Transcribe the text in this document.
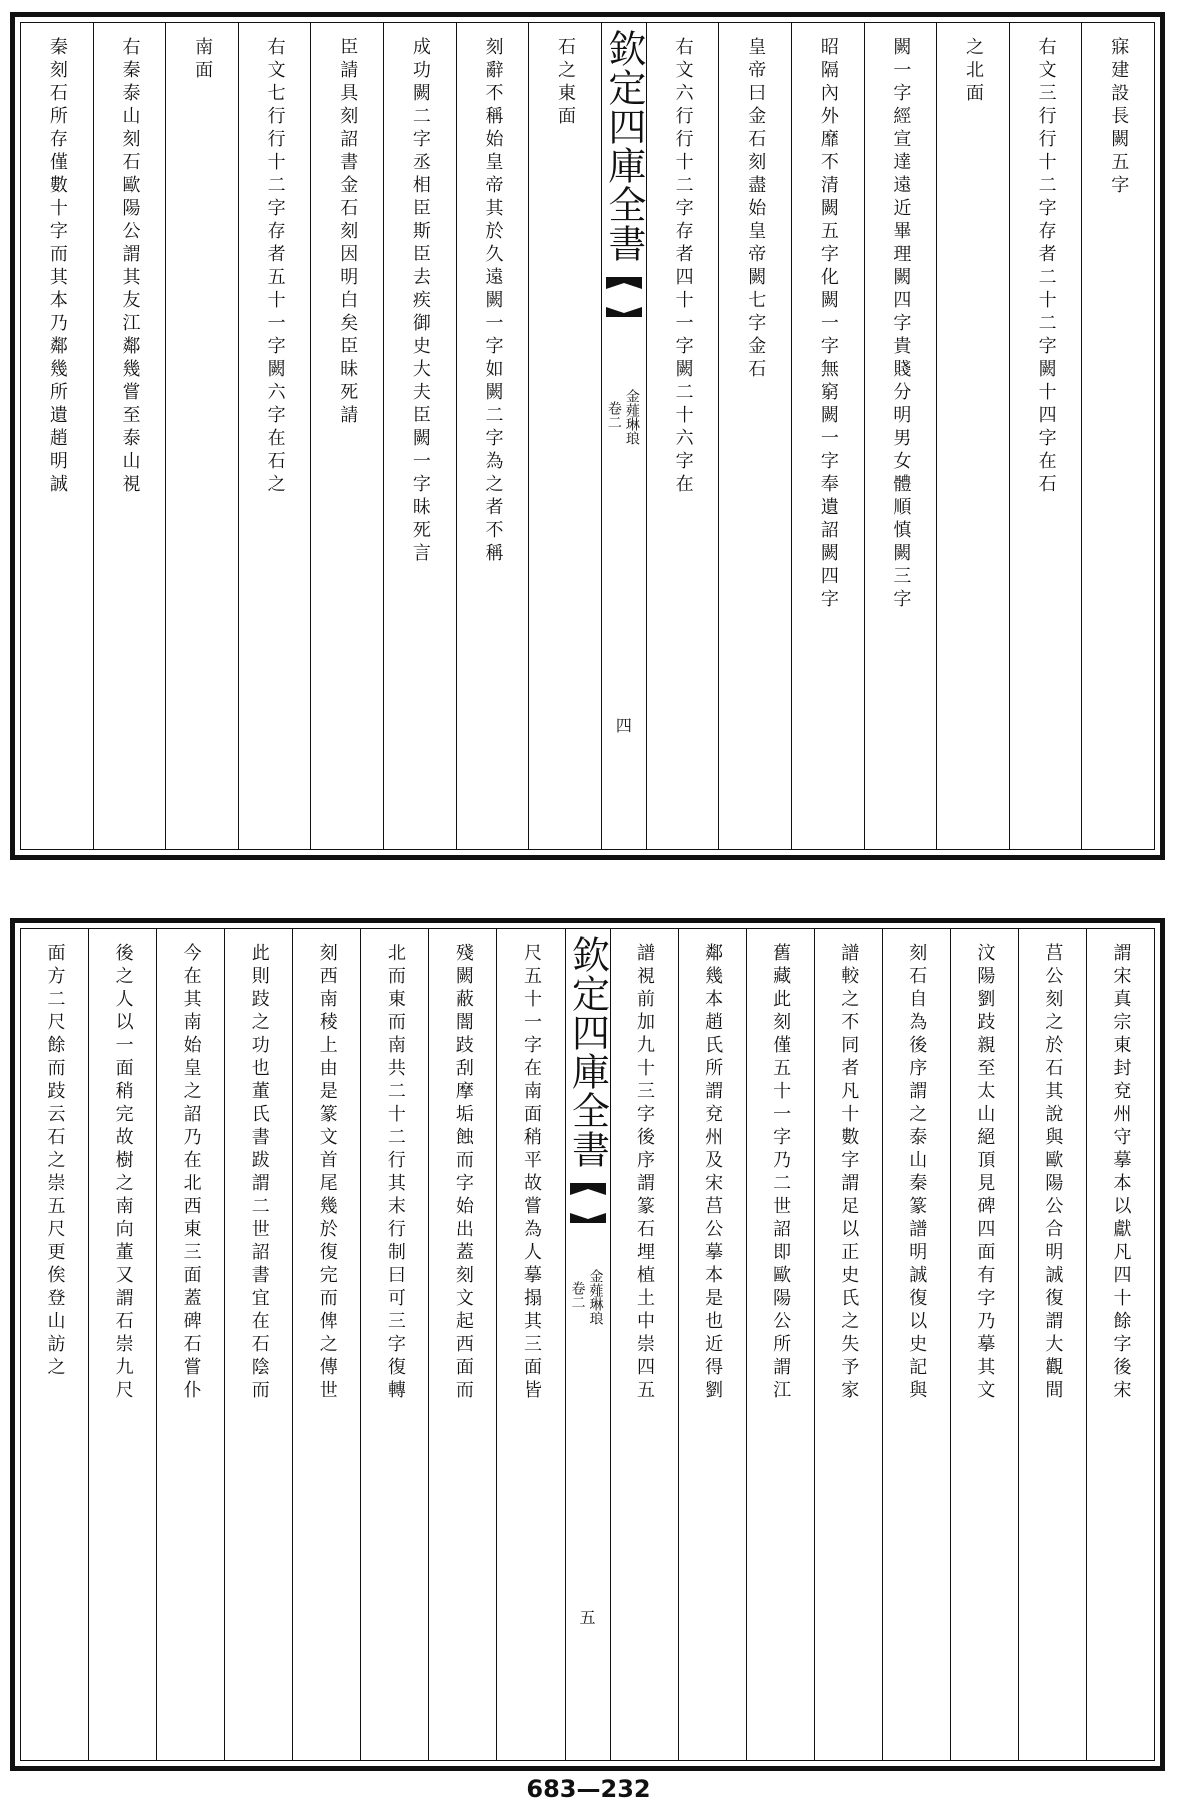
寐建設長闕五字
右文三行行十二字存者二十二字闕十四字在石
之北面
闕一字經宣達遠近畢理闕四字貴賤分明男女體順慎闕三字
昭隔內外靡不清闕五字化闕一字無窮闕一字奉遺詔闕四字
皇帝曰金石刻盡始皇帝闕七字金石
右文六行行十二字存者四十一字闕二十六字在
欽定四庫全書
金薤琳琅
卷二
四
石之東面
刻辭不稱始皇帝其於久遠闕一字如闕二字為之者不稱
成功闕二字丞相臣斯臣去疾御史大夫臣闕一字昧死言
臣請具刻詔書金石刻因明白矣臣昧死請
右文七行行十二字存者五十一字闕六字在石之
南面
右秦泰山刻石歐陽公謂其友江鄰幾嘗至泰山視
秦刻石所存僅數十字而其本乃鄰幾所遺趙明誠
謂宋真宗東封兗州守摹本以獻凡四十餘字後宋
莒公刻之於石其說與歐陽公合明誠復謂大觀間
汶陽劉跂親至太山絕頂見碑四面有字乃摹其文
刻石自為後序謂之泰山秦篆譜明誠復以史記與
譜較之不同者凡十數字謂足以正史氏之失予家
舊藏此刻僅五十一字乃二世詔即歐陽公所謂江
鄰幾本趙氏所謂兗州及宋莒公摹本是也近得劉
譜視前加九十三字後序謂篆石埋植土中崇四五
欽定四庫全書
金薤琳琅
卷二
五
尺五十一字在南面稍平故嘗為人摹搨其三面皆
殘闕蔽闇跂刮摩垢蝕而字始出蓋刻文起西面而
北而東而南共二十二行其末行制曰可三字復轉
刻西南稜上由是篆文首尾幾於復完而俾之傳世
此則跂之功也董氏書跋謂二世詔書宜在石陰而
今在其南始皇之詔乃在北西東三面蓋碑石嘗仆
後之人以一面稍完故樹之南向董又謂石崇九尺
面方二尺餘而跂云石之崇五尺更俟登山訪之
683—232
